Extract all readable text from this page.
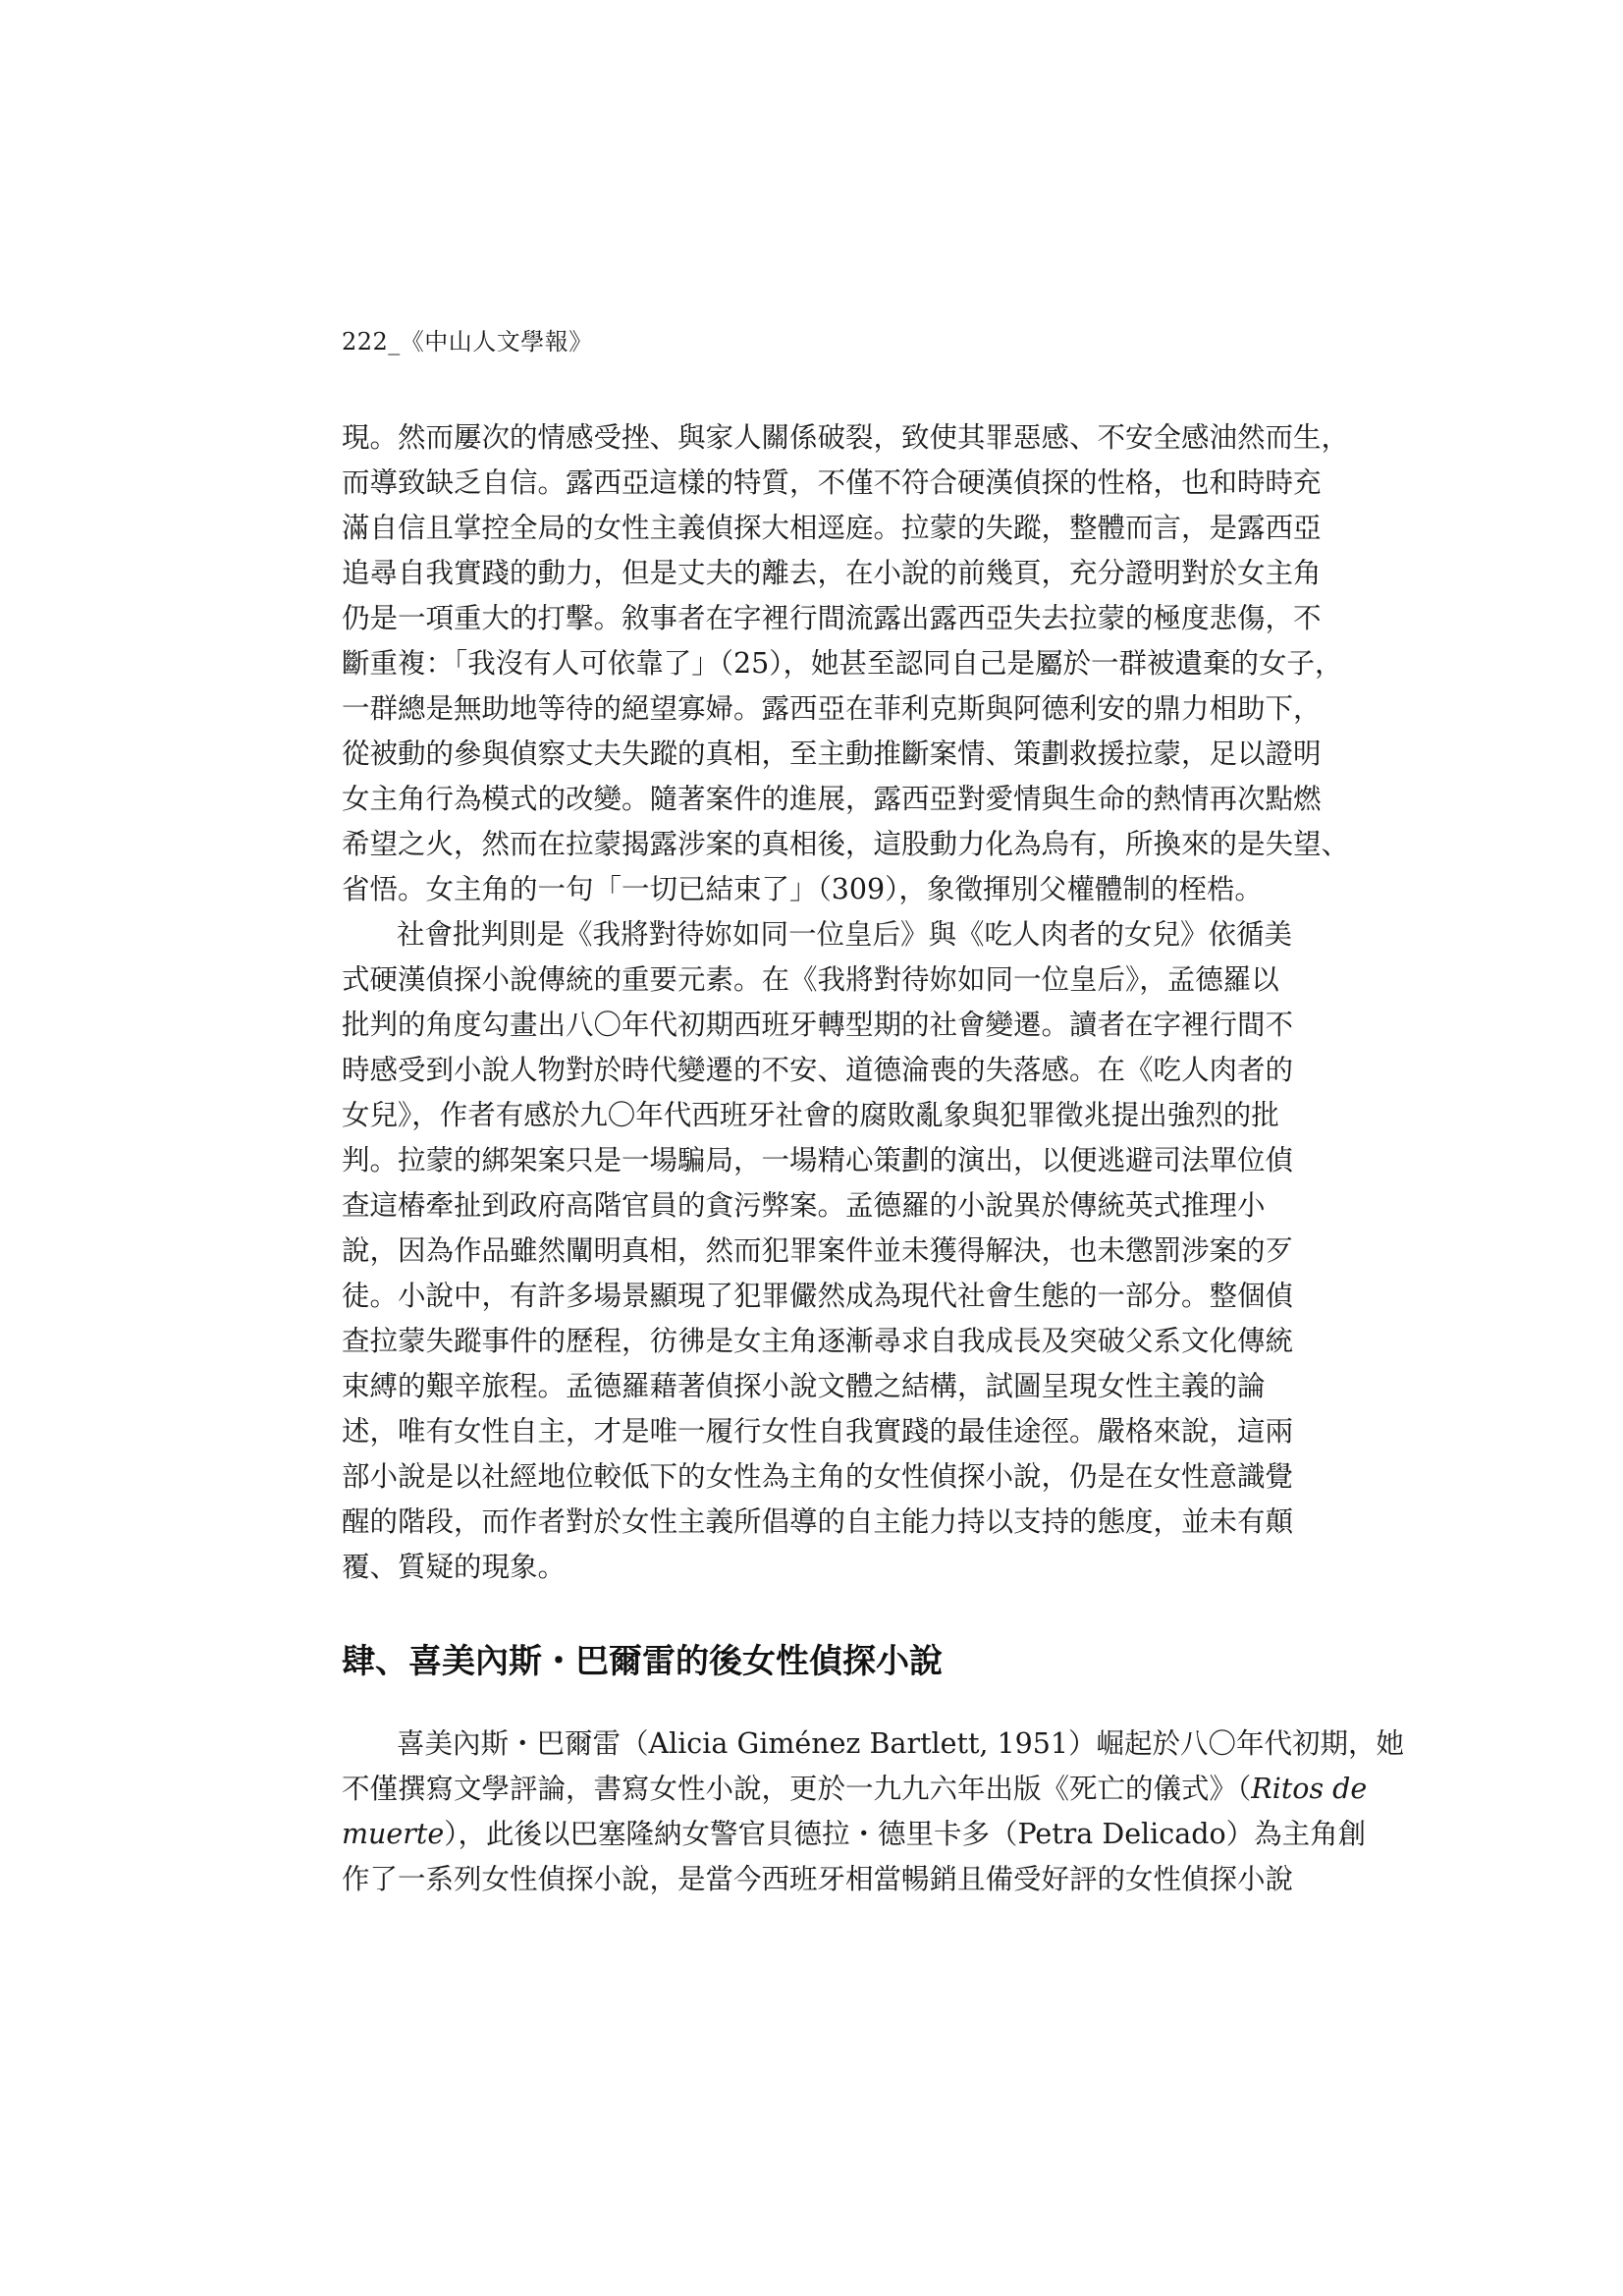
222_《中山人文學報》
現。然而屢次的情感受挫、與家人關係破裂，致使其罪惡感、不安全感油然而生，
而導致缺乏自信。露西亞這樣的特質，不僅不符合硬漢偵探的性格，也和時時充
滿自信且掌控全局的女性主義偵探大相逕庭。拉蒙的失蹤，整體而言，是露西亞
追尋自我實踐的動力，但是丈夫的離去，在小說的前幾頁，充分證明對於女主角
仍是一項重大的打擊。敘事者在字裡行間流露出露西亞失去拉蒙的極度悲傷，不
斷重複：「我沒有人可依靠了」（25），她甚至認同自己是屬於一群被遺棄的女子，
一群總是無助地等待的絕望寡婦。露西亞在菲利克斯與阿德利安的鼎力相助下，
從被動的參與偵察丈夫失蹤的真相，至主動推斷案情、策劃救援拉蒙，足以證明
女主角行為模式的改變。隨著案件的進展，露西亞對愛情與生命的熱情再次點燃
希望之火，然而在拉蒙揭露涉案的真相後，這股動力化為烏有，所換來的是失望、
省悟。女主角的一句「一切已結束了」（309），象徵揮別父權體制的桎梏。
社會批判則是《我將對待妳如同一位皇后》與《吃人肉者的女兒》依循美
式硬漢偵探小說傳統的重要元素。在《我將對待妳如同一位皇后》，孟德羅以
批判的角度勾畫出八〇年代初期西班牙轉型期的社會變遷。讀者在字裡行間不
時感受到小說人物對於時代變遷的不安、道德淪喪的失落感。在《吃人肉者的
女兒》，作者有感於九〇年代西班牙社會的腐敗亂象與犯罪徵兆提出強烈的批
判。拉蒙的綁架案只是一場騙局，一場精心策劃的演出，以便逃避司法單位偵
查這樁牽扯到政府高階官員的貪污弊案。孟德羅的小說異於傳統英式推理小
說，因為作品雖然闡明真相，然而犯罪案件並未獲得解決，也未懲罰涉案的歹
徒。小說中，有許多場景顯現了犯罪儼然成為現代社會生態的一部分。整個偵
查拉蒙失蹤事件的歷程，彷彿是女主角逐漸尋求自我成長及突破父系文化傳統
束縛的艱辛旅程。孟德羅藉著偵探小說文體之結構，試圖呈現女性主義的論
述，唯有女性自主，才是唯一履行女性自我實踐的最佳途徑。嚴格來說，這兩
部小說是以社經地位較低下的女性為主角的女性偵探小說，仍是在女性意識覺
醒的階段，而作者對於女性主義所倡導的自主能力持以支持的態度，並未有顛
覆、質疑的現象。
肆、喜美內斯・巴爾雷的後女性偵探小說
喜美內斯・巴爾雷（Alicia Giménez Bartlett, 1951）崛起於八〇年代初期，她
不僅撰寫文學評論，書寫女性小說，更於一九九六年出版《死亡的儀式》（Ritos de
muerte），此後以巴塞隆納女警官貝德拉・德里卡多（Petra Delicado）為主角創
作了一系列女性偵探小說，是當今西班牙相當暢銷且備受好評的女性偵探小說
